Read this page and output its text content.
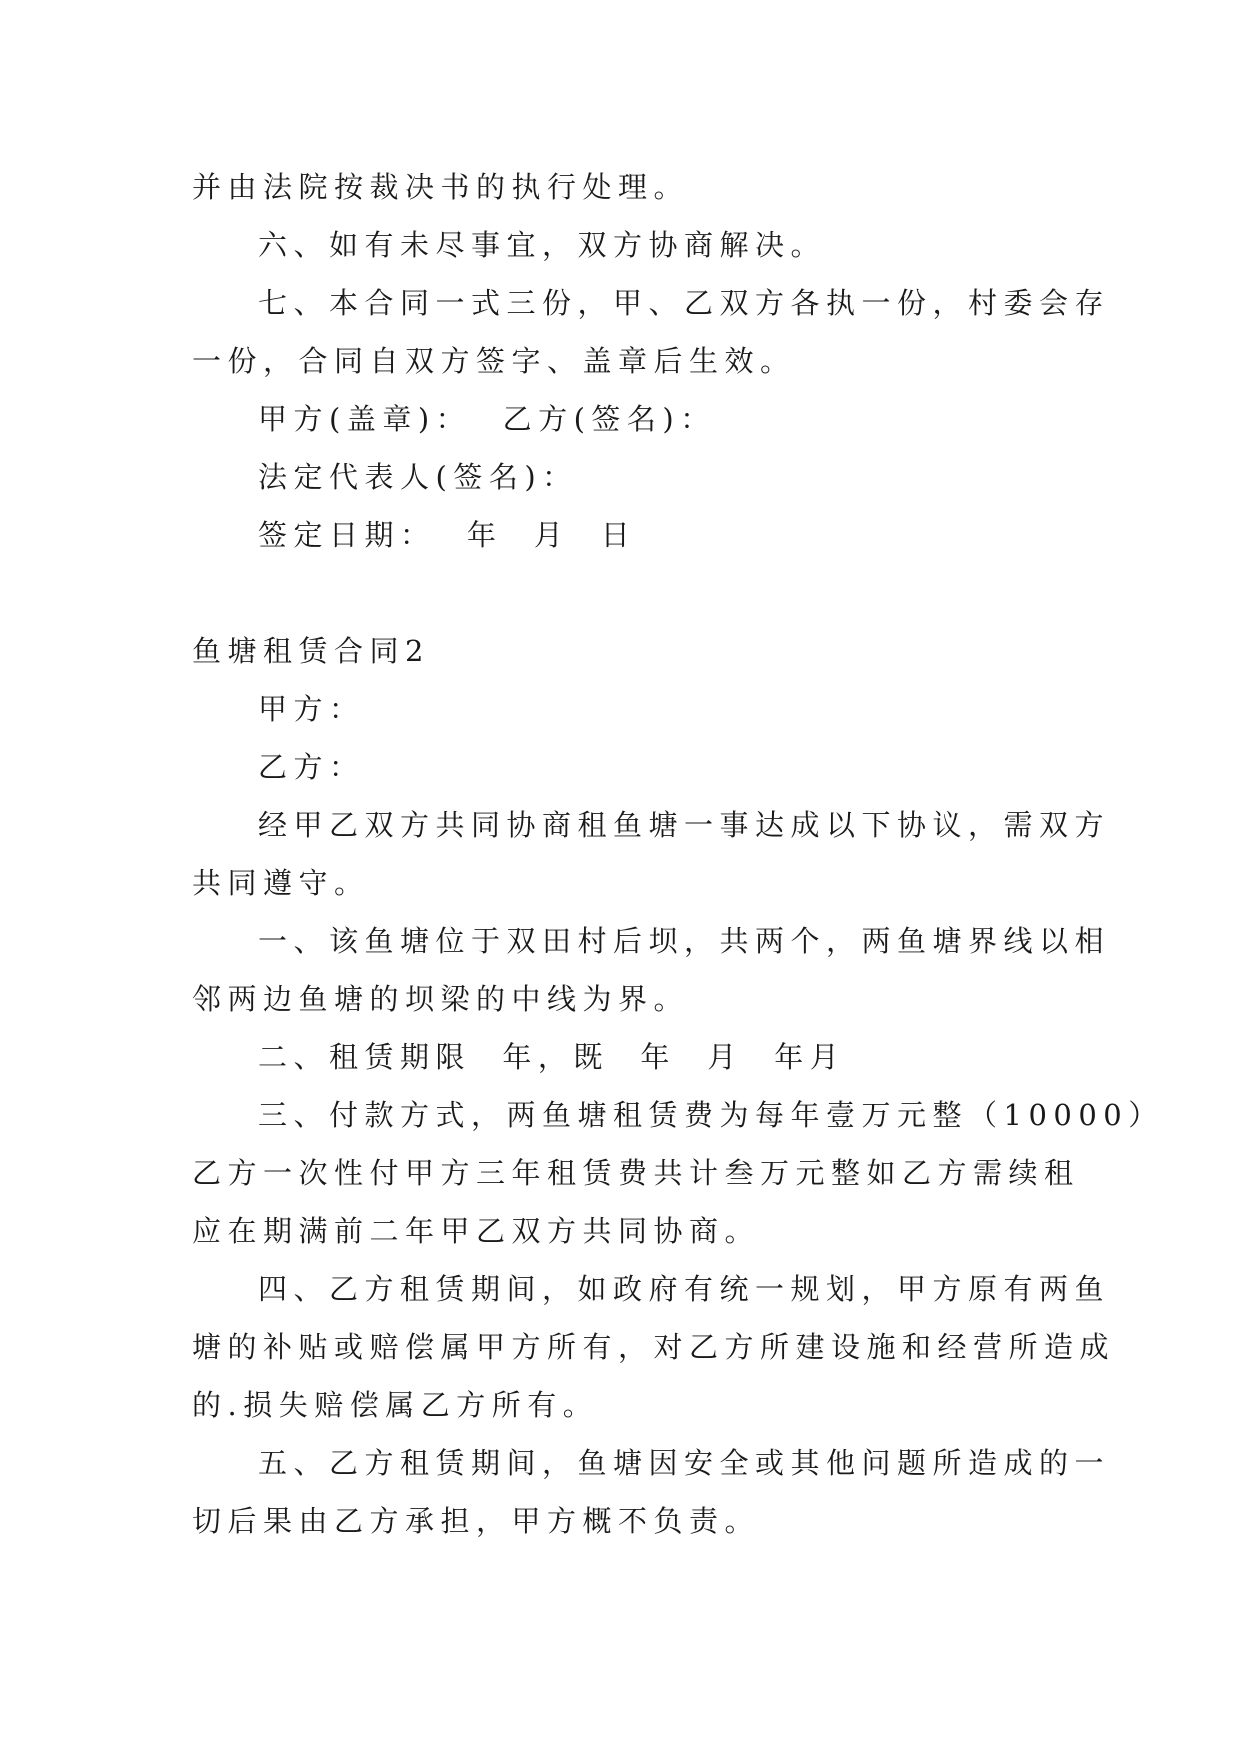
并由法院按裁决书的执行处理。

六、如有未尽事宜，双方协商解决。

七、本合同一式三份，甲、乙双方各执一份，村委会存

一份，合同自双方签字、盖章后生效。

甲方(盖章)：  乙方(签名)：

法定代表人(签名)：

签定日期：  年  月  日

鱼塘租赁合同2

甲方：

乙方：

经甲乙双方共同协商租鱼塘一事达成以下协议，需双方

共同遵守。

一、该鱼塘位于双田村后坝，共两个，两鱼塘界线以相

邻两边鱼塘的坝梁的中线为界。

二、租赁期限  年，既  年  月  年月

三、付款方式，两鱼塘租赁费为每年壹万元整（10000）

乙方一次性付甲方三年租赁费共计叁万元整如乙方需续租

应在期满前二年甲乙双方共同协商。

四、乙方租赁期间，如政府有统一规划，甲方原有两鱼

塘的补贴或赔偿属甲方所有，对乙方所建设施和经营所造成

的.损失赔偿属乙方所有。

五、乙方租赁期间，鱼塘因安全或其他问题所造成的一

切后果由乙方承担，甲方概不负责。
